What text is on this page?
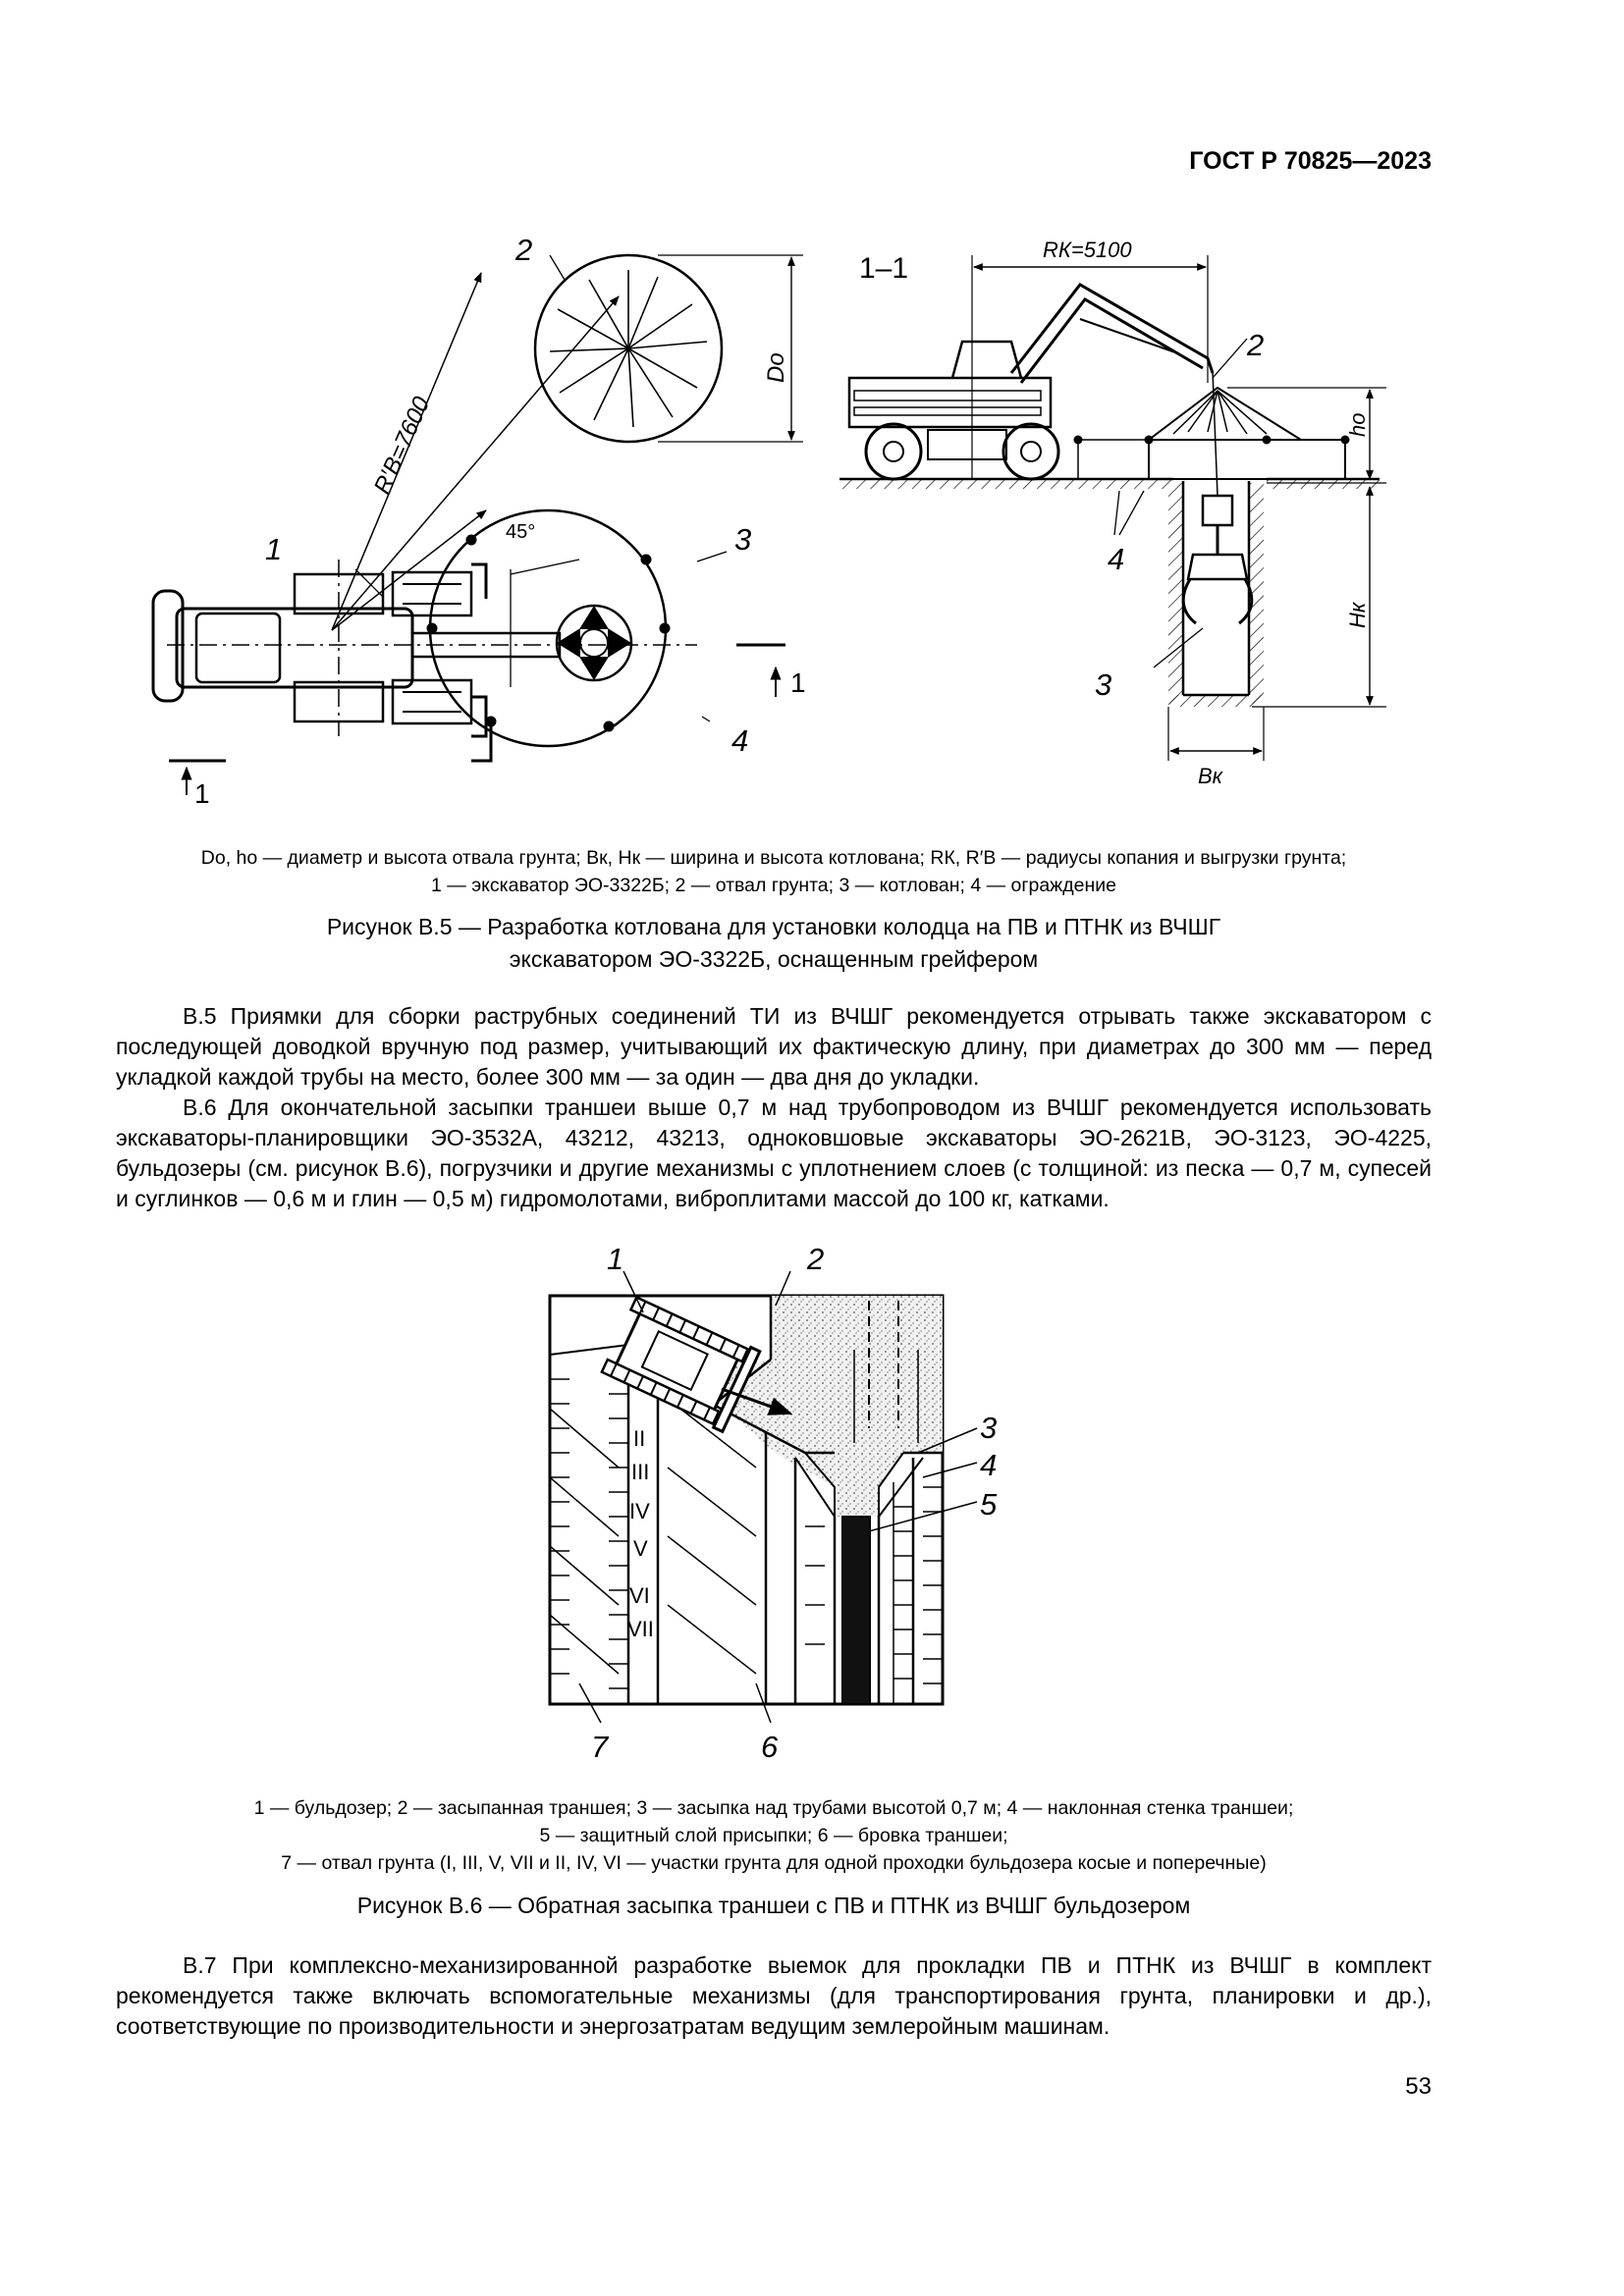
ГОСТ Р 70825—2023
2
1	3
4
1
1
45°
R′В=7600
Dо
1–1
RК=5100
2
4
3
hо
Hк
Bк
Dо, hо — диаметр и высота отвала грунта; Bк, Hк — ширина и высота котлована; RК, R′В — радиусы копания и выгрузки грунта;
1 — экскаватор ЭО-3322Б; 2 — отвал грунта; 3 — котлован; 4 — ограждение
Рисунок В.5 — Разработка котлована для установки колодца на ПВ и ПТНК из ВЧШГ
экскаватором ЭО-3322Б, оснащенным грейфером

В.5 Приямки для сборки раструбных соединений ТИ из ВЧШГ рекомендуется отрывать также экскаватором с последующей доводкой вручную под размер, учитывающий их фактическую длину, при диаметрах до 300 мм — перед укладкой каждой трубы на место, более 300 мм — за один — два дня до укладки.

В.6 Для окончательной засыпки траншеи выше 0,7 м над трубопроводом из ВЧШГ рекомендуется использовать экскаваторы-планировщики ЭО-3532А, 43212, 43213, одноковшовые экскаваторы ЭО-2621В, ЭО-3123, ЭО-4225, бульдозеры (см. рисунок В.6), погрузчики и другие механизмы с уплотнением слоев (с толщиной: из песка — 0,7 м, супесей и суглинков — 0,6 м и глин — 0,5 м) гидромолотами, виброплитами массой до 100 кг, катками.

1	2
3
4
5
6
7
II
III
IV
V
VI
VII
1 — бульдозер; 2 — засыпанная траншея; 3 — засыпка над трубами высотой 0,7 м; 4 — наклонная стенка траншеи;
5 — защитный слой присыпки; 6 — бровка траншеи;
7 — отвал грунта (I, III, V, VII и II, IV, VI — участки грунта для одной проходки бульдозера косые и поперечные)
Рисунок В.6 — Обратная засыпка траншеи с ПВ и ПТНК из ВЧШГ бульдозером

В.7 При комплексно-механизированной разработке выемок для прокладки ПВ и ПТНК из ВЧШГ в комплект рекомендуется также включать вспомогательные механизмы (для транспортирования грунта, планировки и др.), соответствующие по производительности и энергозатратам ведущим землеройным машинам.

53
